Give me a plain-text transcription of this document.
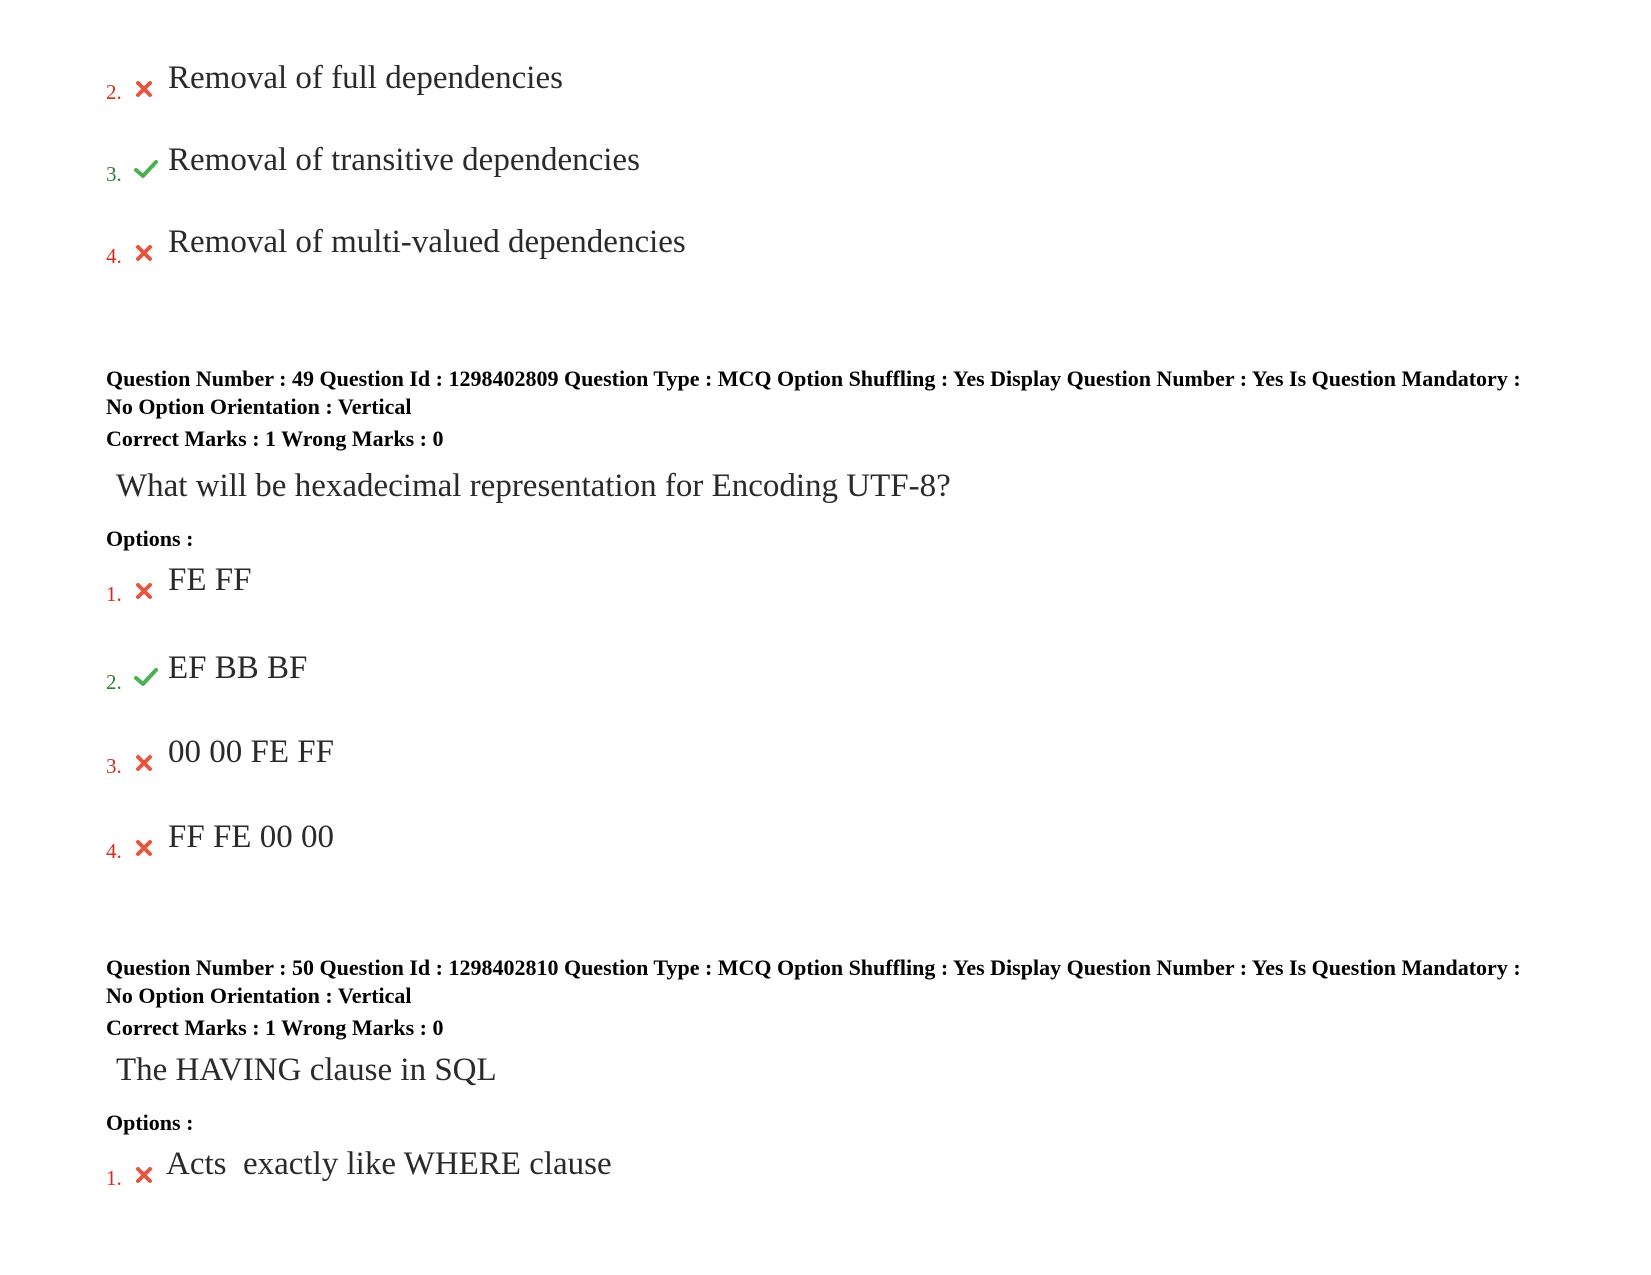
2. Removal of full dependencies
3. Removal of transitive dependencies
4. Removal of multi-valued dependencies
Question Number : 49 Question Id : 1298402809 Question Type : MCQ Option Shuffling : Yes Display Question Number : Yes Is Question Mandatory : No Option Orientation : Vertical
Correct Marks : 1 Wrong Marks : 0
What will be hexadecimal representation for Encoding UTF-8?
Options :
1. FE FF
2. EF BB BF
3. 00 00 FE FF
4. FF FE 00 00
Question Number : 50 Question Id : 1298402810 Question Type : MCQ Option Shuffling : Yes Display Question Number : Yes Is Question Mandatory : No Option Orientation : Vertical
Correct Marks : 1 Wrong Marks : 0
The HAVING clause in SQL
Options :
1. Acts  exactly like WHERE clause
